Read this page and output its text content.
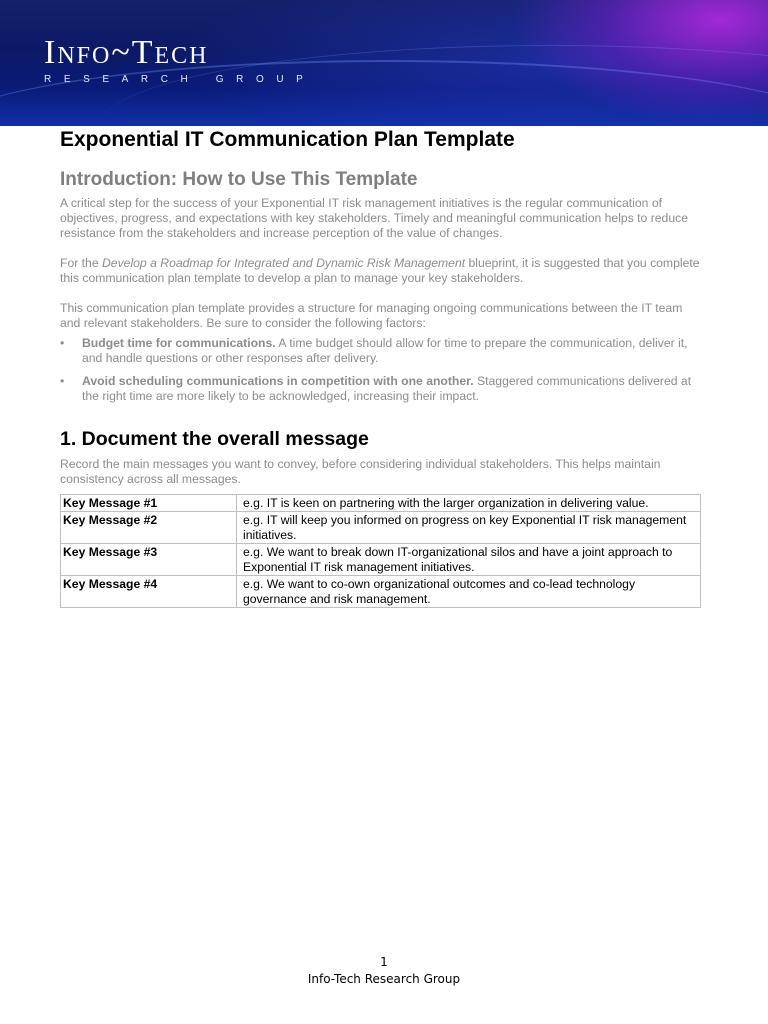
Info~Tech
RESEARCH GROUP
Exponential IT Communication Plan Template
Introduction: How to Use This Template

A critical step for the success of your Exponential IT risk management initiatives is the regular communication of objectives, progress, and expectations with key stakeholders. Timely and meaningful communication helps to reduce resistance from the stakeholders and increase perception of the value of changes.

For the Develop a Roadmap for Integrated and Dynamic Risk Management blueprint, it is suggested that you complete this communication plan template to develop a plan to manage your key stakeholders.

This communication plan template provides a structure for managing ongoing communications between the IT team and relevant stakeholders. Be sure to consider the following factors:

• Budget time for communications. A time budget should allow for time to prepare the communication, deliver it, and handle questions or other responses after delivery.
• Avoid scheduling communications in competition with one another. Staggered communications delivered at the right time are more likely to be acknowledged, increasing their impact.
1. Document the overall message

Record the main messages you want to convey, before considering individual stakeholders. This helps maintain consistency across all messages.

Key Message #1	e.g. IT is keen on partnering with the larger organization in delivering value.
Key Message #2	e.g. IT will keep you informed on progress on key Exponential IT risk management initiatives.
Key Message #3	e.g. We want to break down IT-organizational silos and have a joint approach to Exponential IT risk management initiatives.
Key Message #4	e.g. We want to co-own organizational outcomes and co-lead technology governance and risk management.
1
Info-Tech Research Group
